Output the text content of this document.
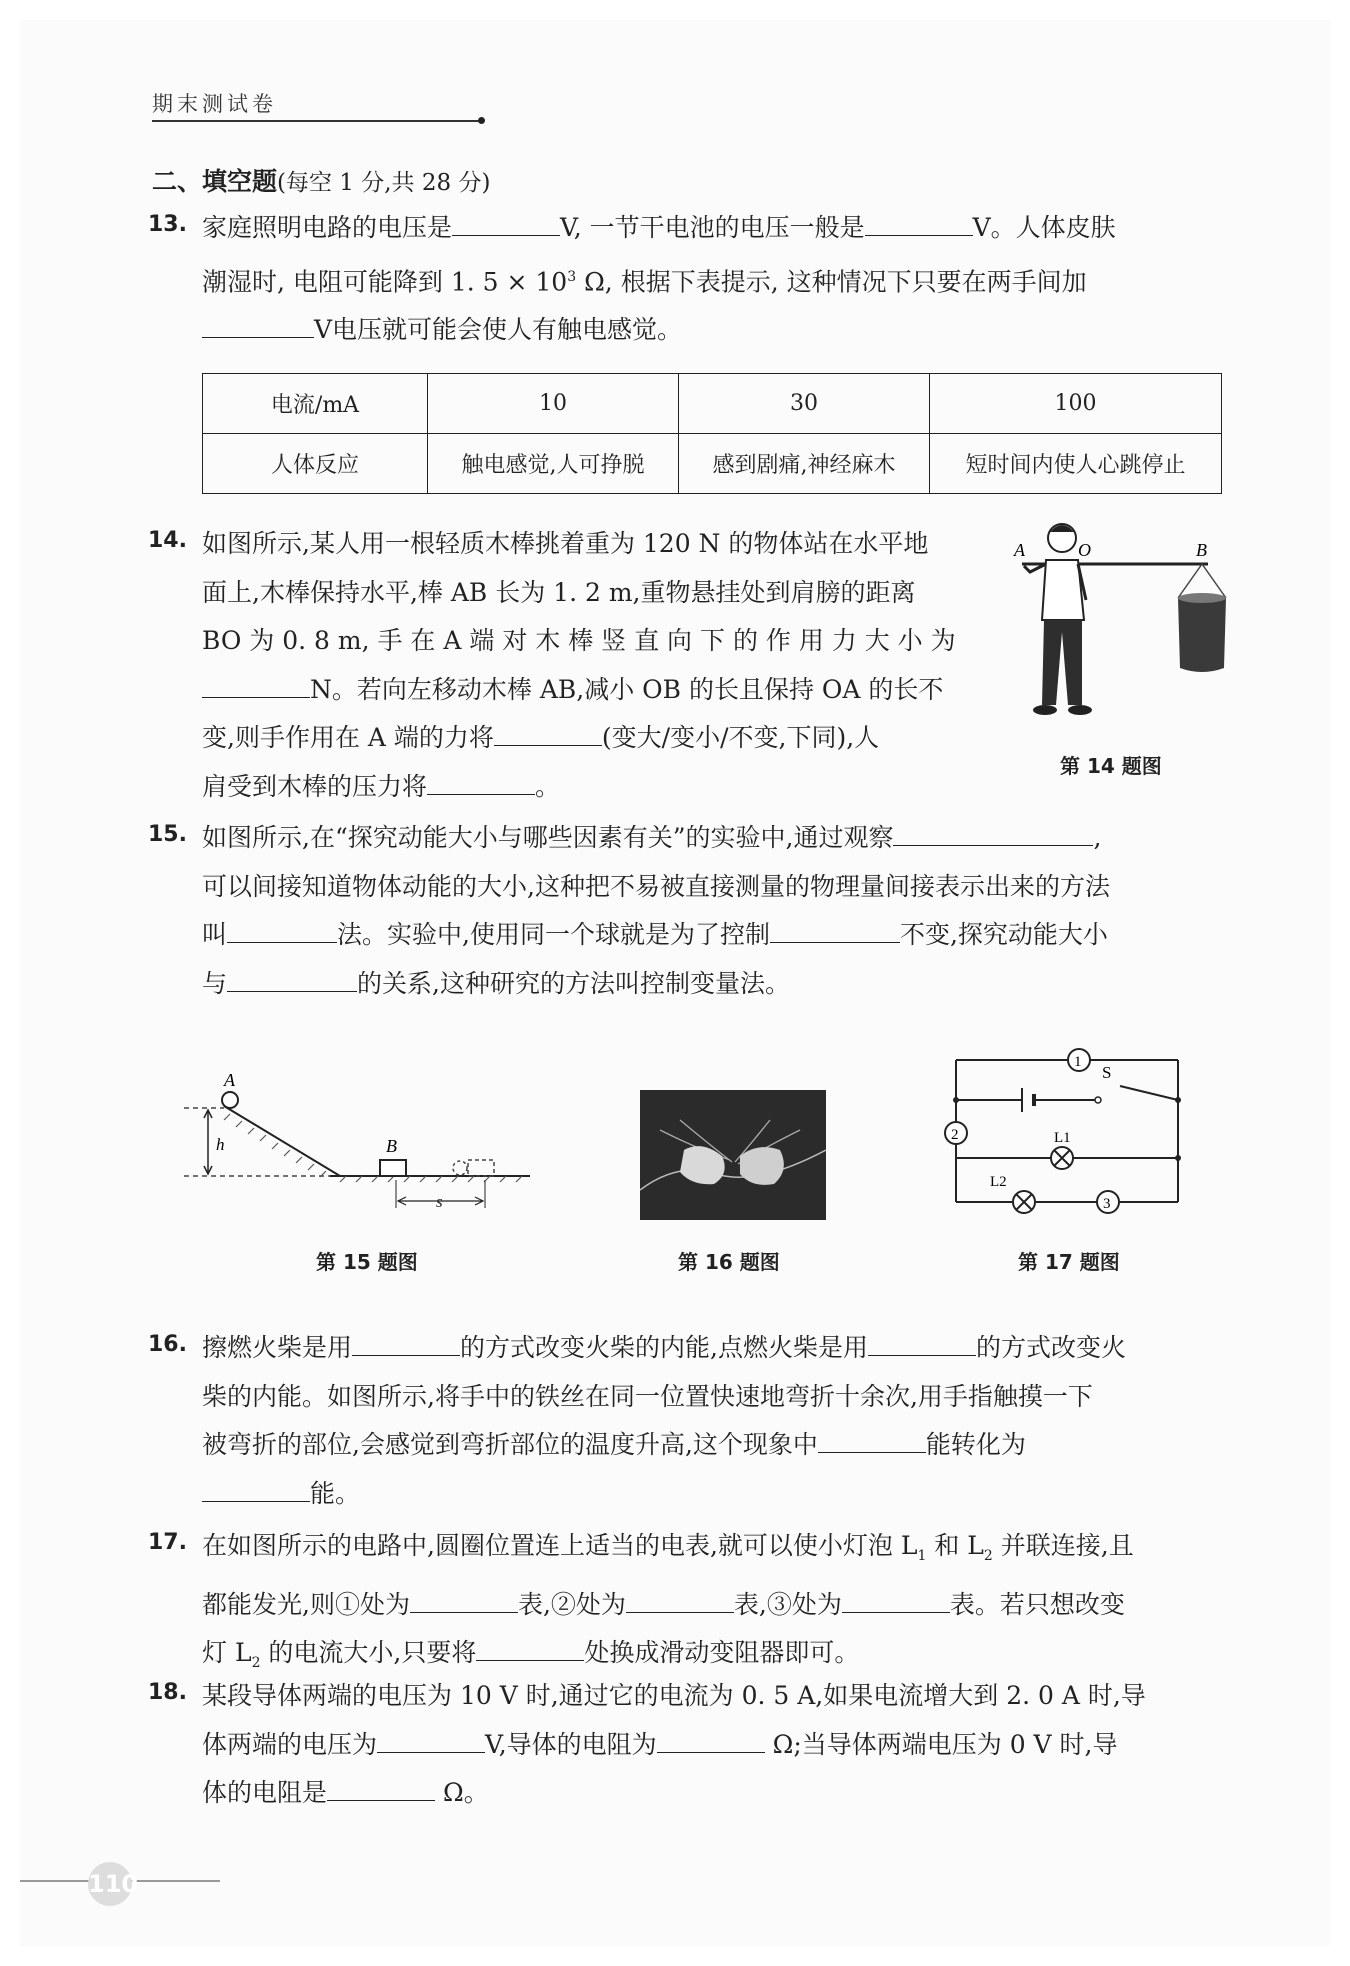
期末测试卷
二、填空题(每空 1 分,共 28 分)
13. 家庭照明电路的电压是	V, 一节干电池的电压一般是	V。人体皮肤
潮湿时, 电阻可能降到 1. $5 \times 10^3$ Ω, 根据下表提示, 这种情况下只要在两手间加
V电压就可能会使人有触电感觉。
电流/mA	10	30	100
人体反应	触电感觉,人可挣脱	感到剧痛,神经麻木	短时间内使人心跳停止
14. 如图所示,某人用一根轻质木棒挑着重为 120 N 的物体站在水平地
面上,木棒保持水平,棒 AB 长为 1. 2 m,重物悬挂处到肩膀的距离
BO 为 0. 8 m, 手 在 A 端 对 木 棒 竖 直 向 下 的 作 用 力 大 小 为
N。若向左移动木棒 AB,减小 OB 的长且保持 OA 的长不
变,则手作用在 A 端的力将	(变大/变小/不变,下同),人
肩受到木棒的压力将	。
A	O	B
第 14 题图
15. 如图所示,在“探究动能大小与哪些因素有关”的实验中,通过观察	,
可以间接知道物体动能的大小,这种把不易被直接测量的物理量间接表示出来的方法
叫	法。实验中,使用同一个球就是为了控制	不变,探究动能大小
与	的关系,这种研究的方法叫控制变量法。
A
h	B
s
第 15 题图	第 16 题图
S
1
2
3
L1
L2
第 17 题图
16. 擦燃火柴是用	的方式改变火柴的内能,点燃火柴是用	的方式改变火
柴的内能。如图所示,将手中的铁丝在同一位置快速地弯折十余次,用手指触摸一下
被弯折的部位,会感觉到弯折部位的温度升高,这个现象中	能转化为
能。
17. 在如图所示的电路中,圆圈位置连上适当的电表,就可以使小灯泡 $L_1$ 和 $L_2$ 并联连接,且
都能发光,则①处为	表,②处为	表,③处为	表。若只想改变
灯 $L_2$ 的电流大小,只要将	处换成滑动变阻器即可。
18. 某段导体两端的电压为 10 V 时,通过它的电流为 0. 5 A,如果电流增大到 2. 0 A 时,导
体两端的电压为	V,导体的电阻为	Ω;当导体两端电压为 0 V 时,导
体的电阻是	Ω。
110
